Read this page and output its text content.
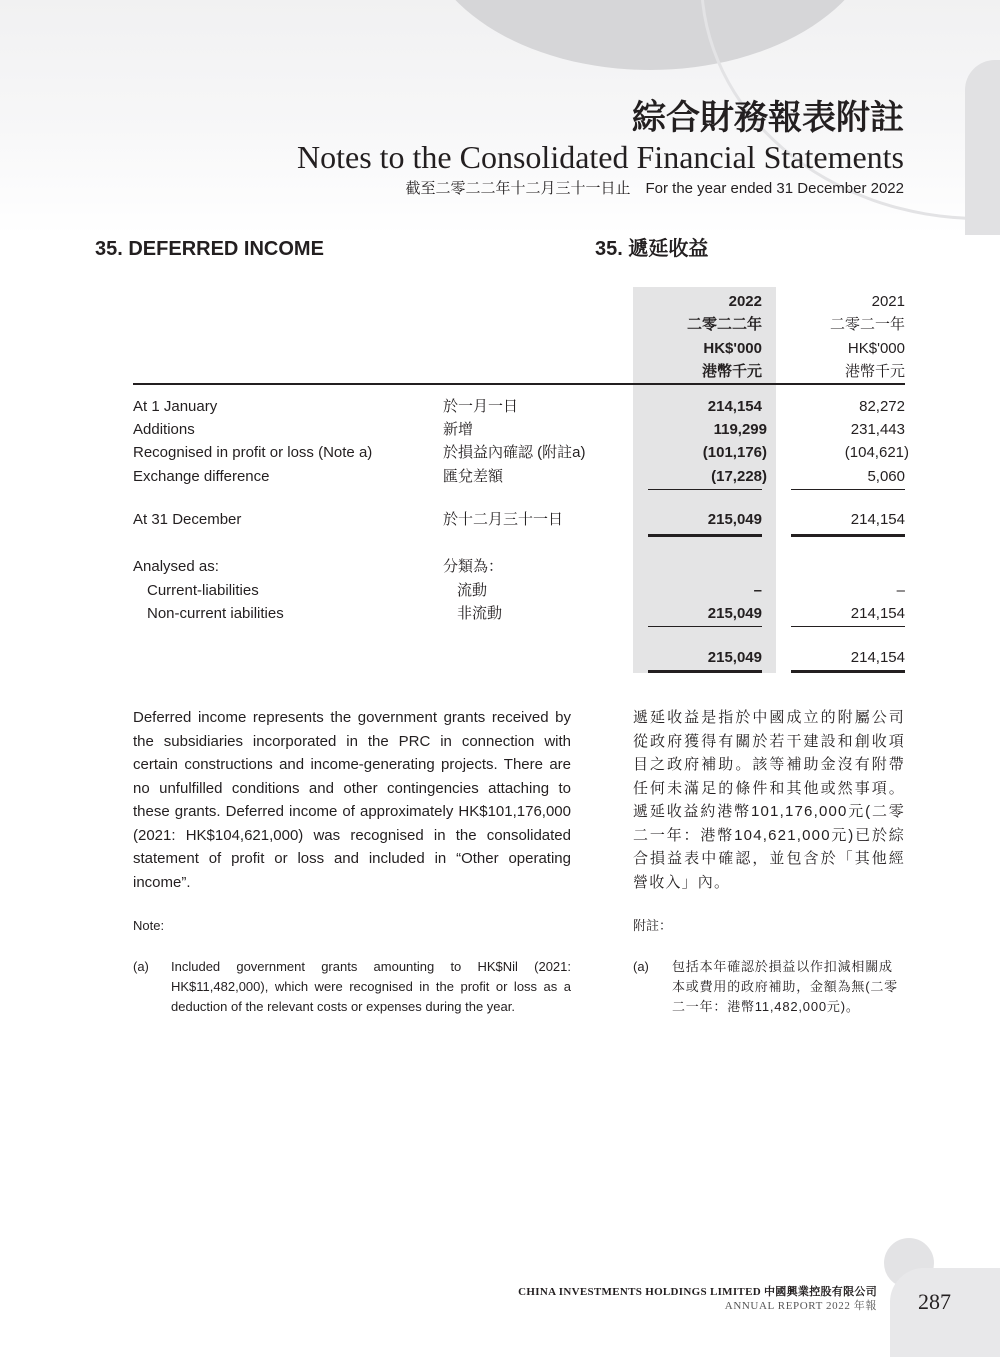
綜合財務報表附註
Notes to the Consolidated Financial Statements
截至二零二二年十二月三十一日止 For the year ended 31 December 2022
35. DEFERRED INCOME	35. 遞延收益
2022
二零二二年
HK$'000
港幣千元
2021
二零二一年
HK$'000
港幣千元
At 1 January	於一月一日	214,154	82,272
Additions	新增	119,299	231,443
Recognised in profit or loss (Note a)	於損益內確認 (附註a)	(101,176)	(104,621)
Exchange difference	匯兌差額	(17,228)	5,060
At 31 December	於十二月三十一日	215,049	214,154
Analysed as:	分類為：
Current-liabilities	流動	–	–
Non-current iabilities	非流動	215,049	214,154
215,049	214,154
Deferred income represents the government grants received by the subsidiaries incorporated in the PRC in connection with certain constructions and income-generating projects. There are no unfulfilled conditions and other contingencies attaching to these grants. Deferred income of approximately HK$101,176,000 (2021: HK$104,621,000) was recognised in the consolidated statement of profit or loss and included in “Other operating income”.
遞延收益是指於中國成立的附屬公司從政府獲得有關於若干建設和創收項目之政府補助。該等補助金沒有附帶任何未滿足的條件和其他或然事項。遞延收益約港幣101,176,000元(二零二一年：港幣104,621,000元)已於綜合損益表中確認，並包含於「其他經營收入」內。
Note:	附註：
(a) Included government grants amounting to HK$Nil (2021: HK$11,482,000), which were recognised in the profit or loss as a deduction of the relevant costs or expenses during the year.
(a) 包括本年確認於損益以作扣減相關成本或費用的政府補助，金額為無(二零二一年：港幣11,482,000元)。
CHINA INVESTMENTS HOLDINGS LIMITED 中國興業控股有限公司
ANNUAL REPORT 2022 年報 287
